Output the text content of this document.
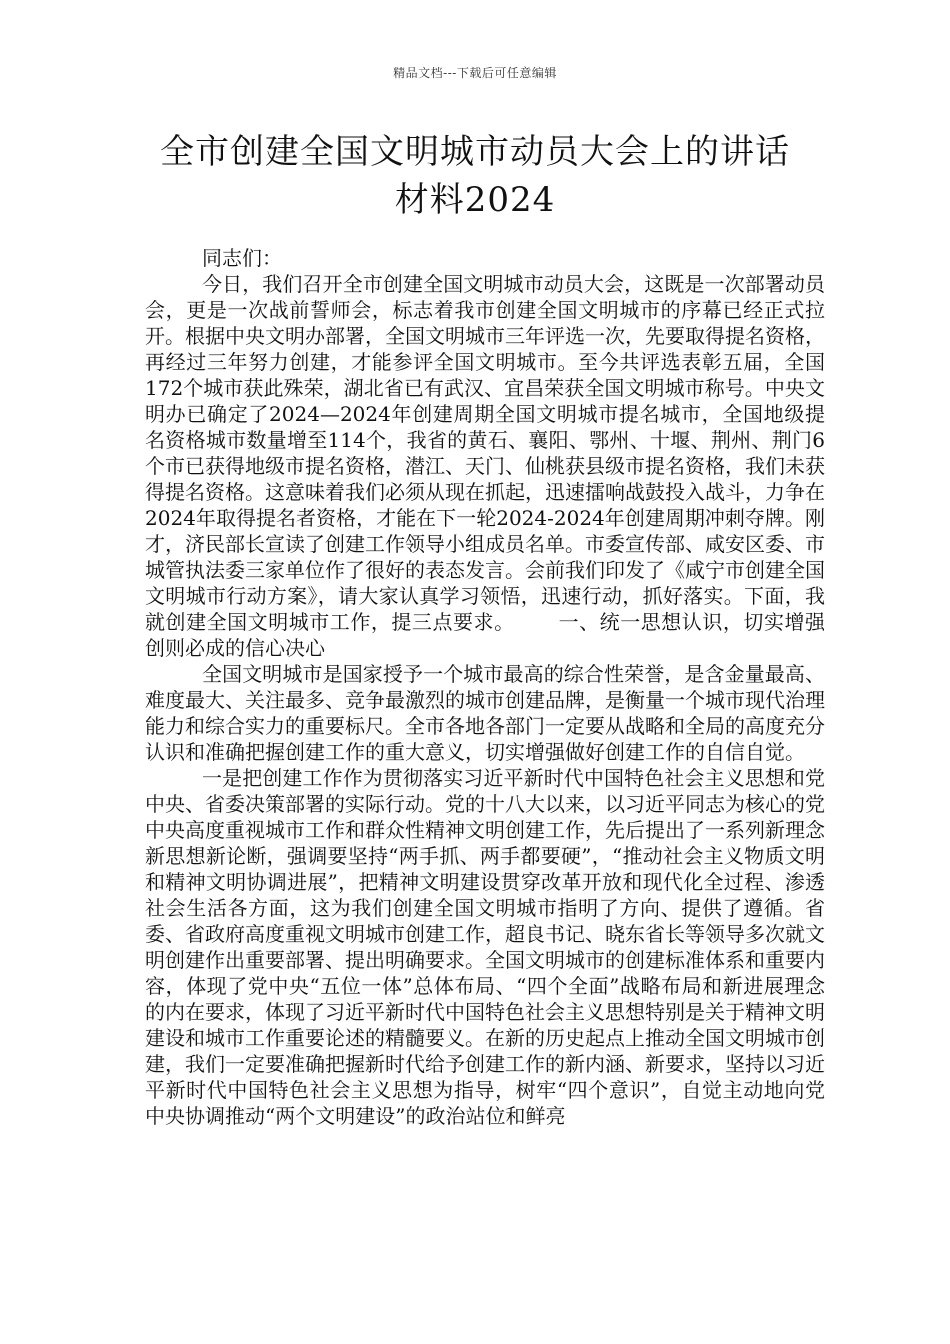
精品文档---下载后可任意编辑
全市创建全国文明城市动员大会上的讲话
材料2024

同志们：

今日，我们召开全市创建全国文明城市动员大会，这既是一次部署动员会，更是一次战前誓师会，标志着我市创建全国文明城市的序幕已经正式拉开。根据中央文明办部署，全国文明城市三年评选一次，先要取得提名资格，再经过三年努力创建，才能参评全国文明城市。至今共评选表彰五届，全国172个城市获此殊荣，湖北省已有武汉、宜昌荣获全国文明城市称号。中央文明办已确定了2024—2024年创建周期全国文明城市提名城市，全国地级提名资格城市数量增至114个，我省的黄石、襄阳、鄂州、十堰、荆州、荆门6个市已获得地级市提名资格，潜江、天门、仙桃获县级市提名资格，我们未获得提名资格。这意味着我们必须从现在抓起，迅速擂响战鼓投入战斗，力争在2024年取得提名者资格，才能在下一轮2024-2024年创建周期冲刺夺牌。刚才，济民部长宣读了创建工作领导小组成员名单。市委宣传部、咸安区委、市城管执法委三家单位作了很好的表态发言。会前我们印发了《咸宁市创建全国文明城市行动方案》，请大家认真学习领悟，迅速行动，抓好落实。下面，我就创建全国文明城市工作，提三点要求。 一、统一思想认识，切实增强创则必成的信心决心

全国文明城市是国家授予一个城市最高的综合性荣誉，是含金量最高、难度最大、关注最多、竞争最激烈的城市创建品牌，是衡量一个城市现代治理能力和综合实力的重要标尺。全市各地各部门一定要从战略和全局的高度充分认识和准确把握创建工作的重大意义，切实增强做好创建工作的自信自觉。

一是把创建工作作为贯彻落实习近平新时代中国特色社会主义思想和党中央、省委决策部署的实际行动。党的十八大以来，以习近平同志为核心的党中央高度重视城市工作和群众性精神文明创建工作，先后提出了一系列新理念新思想新论断，强调要坚持“两手抓、两手都要硬”，“推动社会主义物质文明和精神文明协调进展”，把精神文明建设贯穿改革开放和现代化全过程、渗透社会生活各方面，这为我们创建全国文明城市指明了方向、提供了遵循。省委、省政府高度重视文明城市创建工作，超良书记、晓东省长等领导多次就文明创建作出重要部署、提出明确要求。全国文明城市的创建标准体系和重要内容，体现了党中央“五位一体”总体布局、“四个全面”战略布局和新进展理念的内在要求，体现了习近平新时代中国特色社会主义思想特别是关于精神文明建设和城市工作重要论述的精髓要义。在新的历史起点上推动全国文明城市创建，我们一定要准确把握新时代给予创建工作的新内涵、新要求，坚持以习近平新时代中国特色社会主义思想为指导，树牢“四个意识”，自觉主动地向党中央协调推动“两个文明建设”的政治站位和鲜亮
